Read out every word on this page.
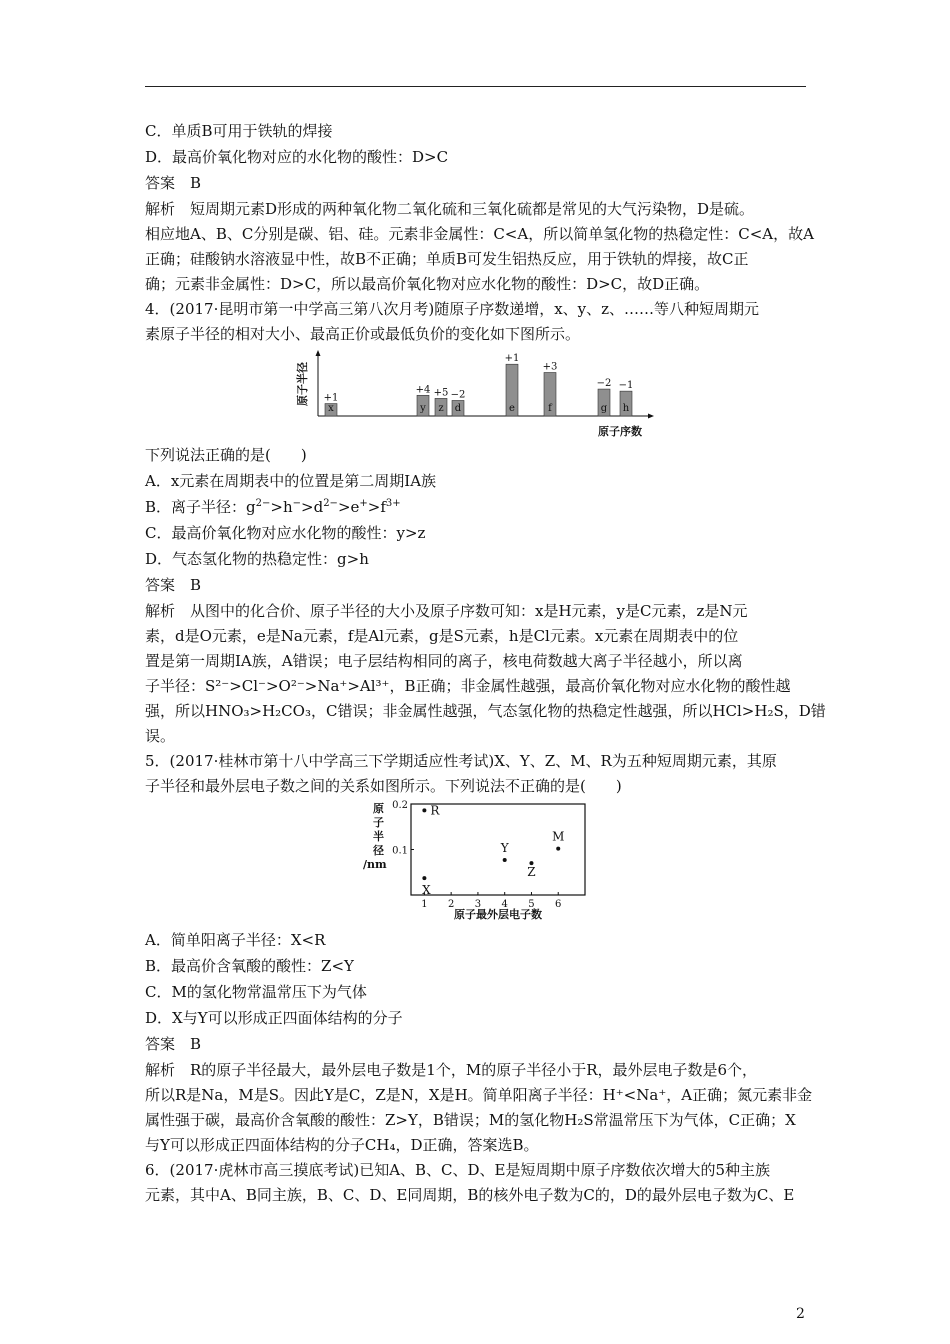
C．单质B可用于铁轨的焊接
D．最高价氧化物对应的水化物的酸性：D>C
答案　B
解析　短周期元素D形成的两种氧化物二氧化硫和三氧化硫都是常见的大气污染物，D是硫。
相应地A、B、C分别是碳、铝、硅。元素非金属性：C<A，所以简单氢化物的热稳定性：C<A，故A
正确；硅酸钠水溶液显中性，故B不正确；单质B可发生铝热反应，用于铁轨的焊接，故C正
确；元素非金属性：D>C，所以最高价氧化物对应水化物的酸性：D>C，故D正确。
4．(2017·昆明市第一中学高三第八次月考)随原子序数递增，x、y、z、……等八种短周期元
素原子半径的相对大小、最高正价或最低负价的变化如下图所示。
x
+1
y
+4
z
+5
d
−2
e
+1
f
+3
g
−2
h
−1
原子半径
原子序数
下列说法正确的是(　　)
A．x元素在周期表中的位置是第二周期ⅠA族
B．离子半径：$g^{2-}>h^->d^{2-}>e^+>f^{3+}$
C．最高价氧化物对应水化物的酸性：y>z
D．气态氢化物的热稳定性：g>h
答案　B
解析　从图中的化合价、原子半径的大小及原子序数可知：x是H元素，y是C元素，z是N元
素，d是O元素，e是Na元素，f是Al元素，g是S元素，h是Cl元素。x元素在周期表中的位
置是第一周期ⅠA族，A错误；电子层结构相同的离子，核电荷数越大离子半径越小，所以离
子半径：S²⁻>Cl⁻>O²⁻>Na⁺>Al³⁺，B正确；非金属性越强，最高价氧化物对应水化物的酸性越
强，所以HNO₃>H₂CO₃，C错误；非金属性越强，气态氢化物的热稳定性越强，所以HCl>H₂S，D错
误。
5．(2017·桂林市第十八中学高三下学期适应性考试)X、Y、Z、M、R为五种短周期元素，其原
子半径和最外层电子数之间的关系如图所示。下列说法不正确的是(　　)
1 2 3 4 5 6
0.1
0.2 R
X
Y
Z
M
原
子
半
径
/nm
原子最外层电子数
A．简单阳离子半径：X<R
B．最高价含氧酸的酸性：Z<Y
C．M的氢化物常温常压下为气体
D．X与Y可以形成正四面体结构的分子
答案　B
解析　R的原子半径最大，最外层电子数是1个，M的原子半径小于R，最外层电子数是6个，
所以R是Na，M是S。因此Y是C，Z是N，X是H。简单阳离子半径：H⁺<Na⁺，A正确；氮元素非金
属性强于碳，最高价含氧酸的酸性：Z>Y，B错误；M的氢化物H₂S常温常压下为气体，C正确；X
与Y可以形成正四面体结构的分子CH₄，D正确，答案选B。
6．(2017·虎林市高三摸底考试)已知A、B、C、D、E是短周期中原子序数依次增大的5种主族
元素，其中A、B同主族，B、C、D、E同周期，B的核外电子数为C的，D的最外层电子数为C、E
2
